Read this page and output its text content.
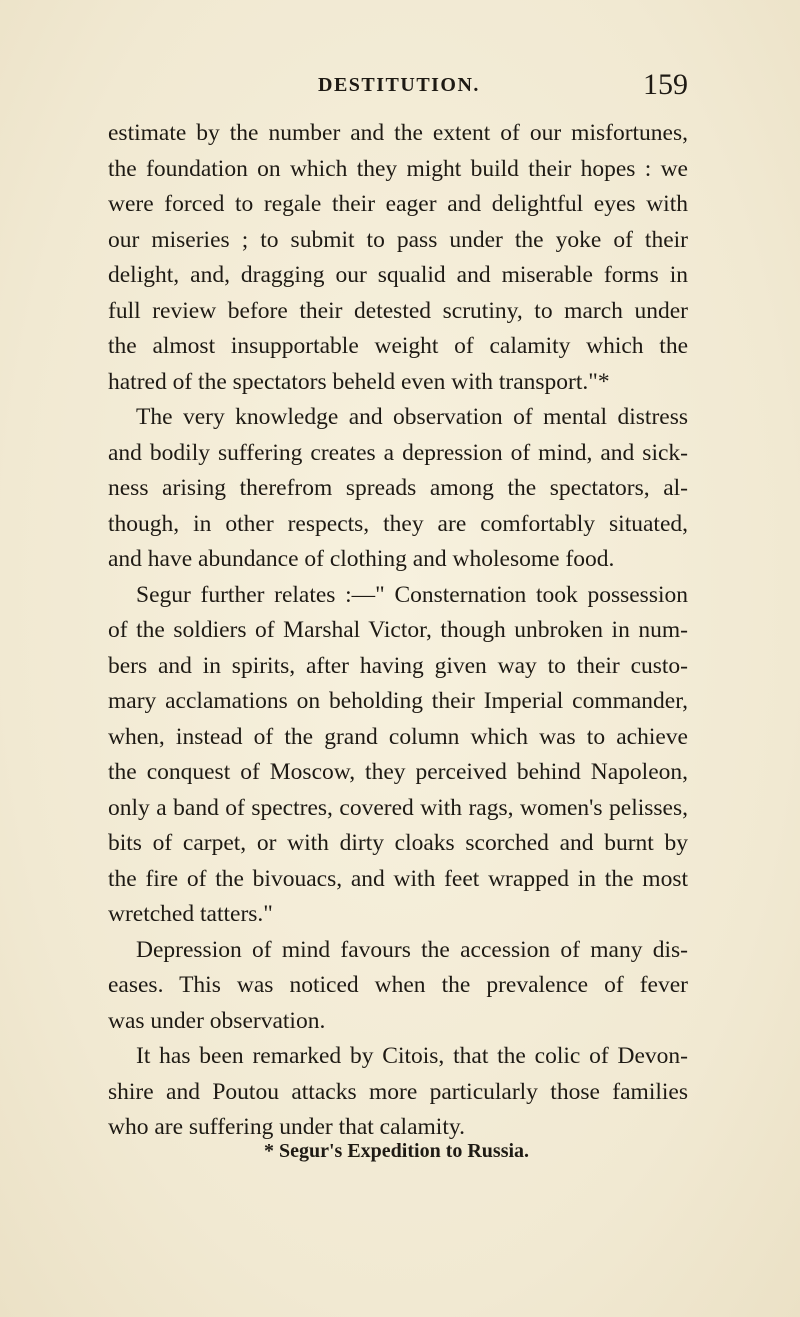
DESTITUTION.	159
estimate by the number and the extent of our misfortunes,
the foundation on which they might build their hopes : we
were forced to regale their eager and delightful eyes with
our miseries ; to submit to pass under the yoke of their
delight, and, dragging our squalid and miserable forms in
full review before their detested scrutiny, to march under
the almost insupportable weight of calamity which the
hatred of the spectators beheld even with transport."*
The very knowledge and observation of mental distress
and bodily suffering creates a depression of mind, and sick-
ness arising therefrom spreads among the spectators, al-
though, in other respects, they are comfortably situated,
and have abundance of clothing and wholesome food.
Segur further relates :—" Consternation took possession
of the soldiers of Marshal Victor, though unbroken in num-
bers and in spirits, after having given way to their custo-
mary acclamations on beholding their Imperial commander,
when, instead of the grand column which was to achieve
the conquest of Moscow, they perceived behind Napoleon,
only a band of spectres, covered with rags, women's pelisses,
bits of carpet, or with dirty cloaks scorched and burnt by
the fire of the bivouacs, and with feet wrapped in the most
wretched tatters."
Depression of mind favours the accession of many dis-
eases. This was noticed when the prevalence of fever
was under observation.
It has been remarked by Citois, that the colic of Devon-
shire and Poutou attacks more particularly those families
who are suffering under that calamity.
* Segur's Expedition to Russia.
